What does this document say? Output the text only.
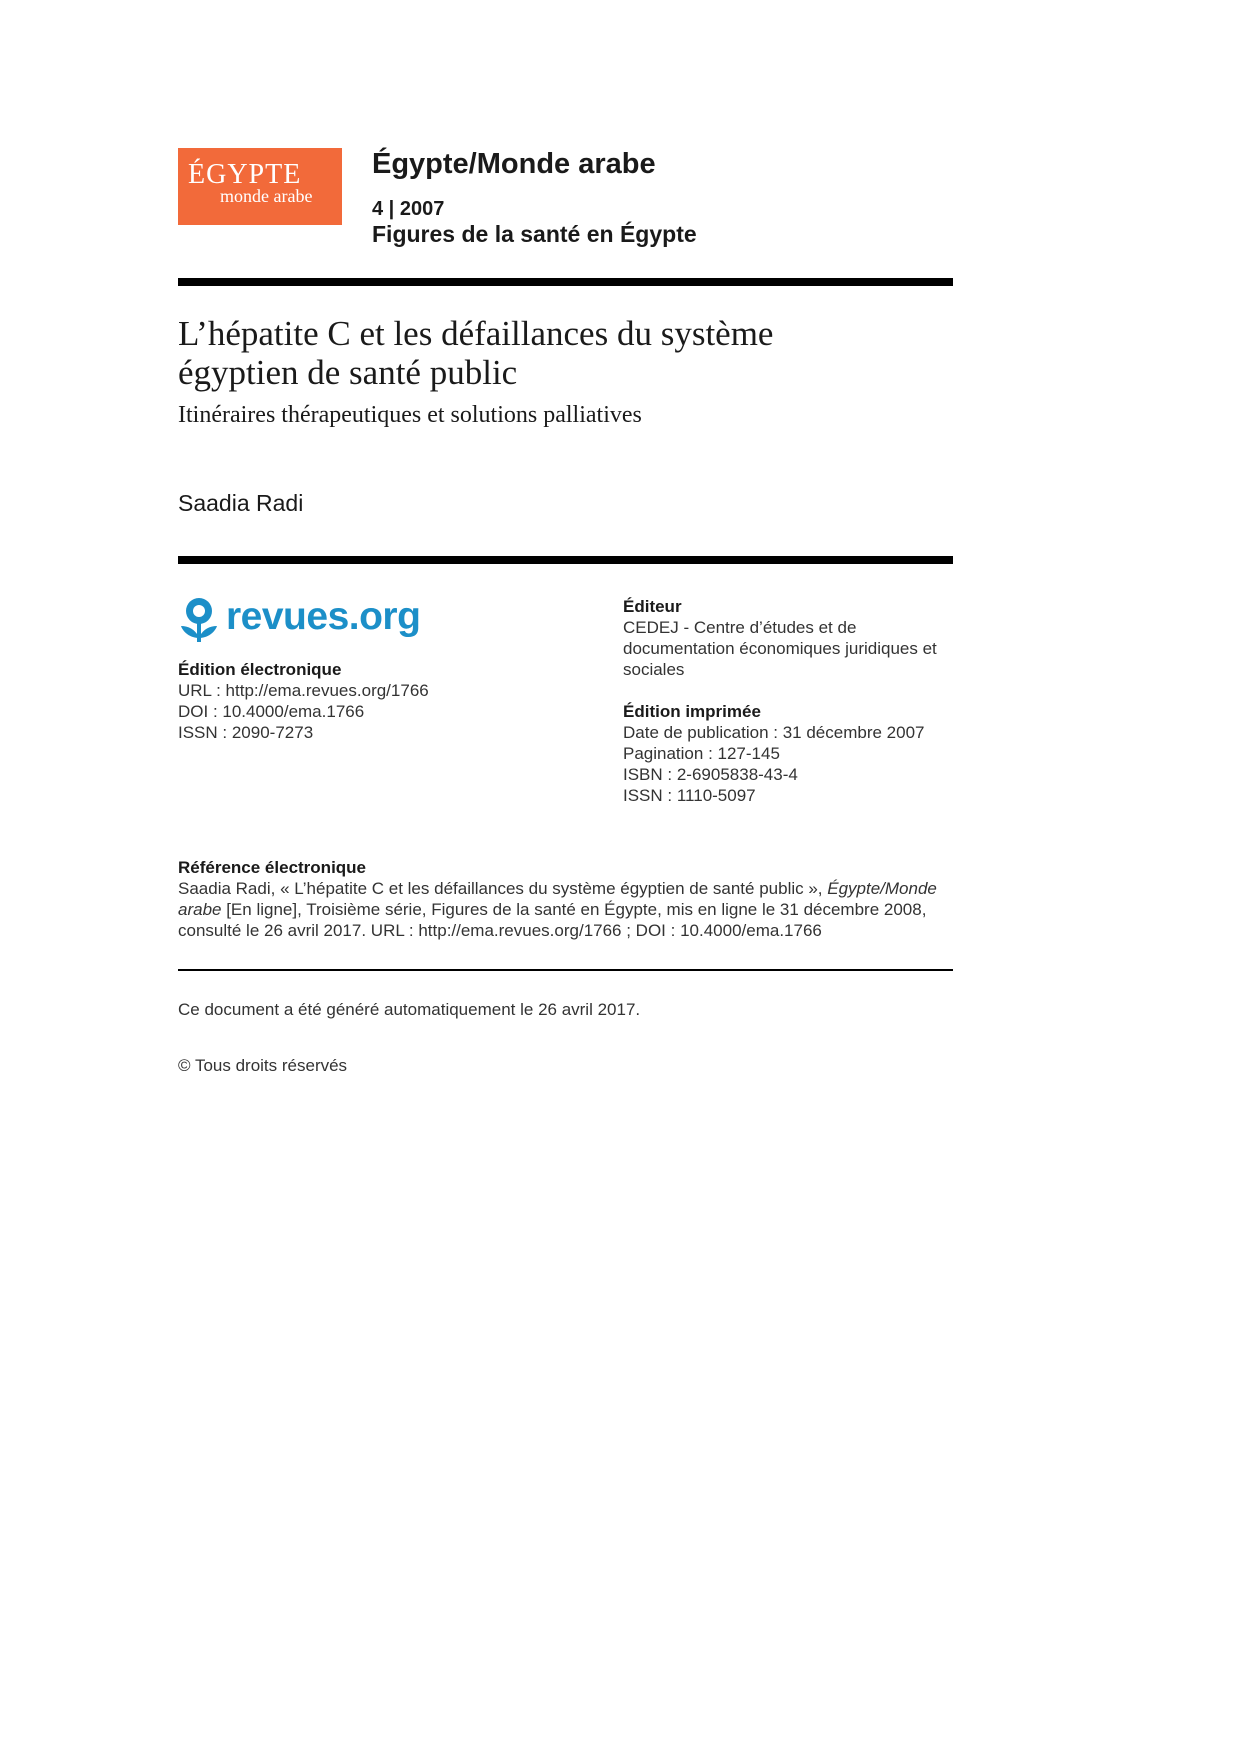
ÉGYPTE
monde arabe
Égypte/Monde arabe
4 | 2007
Figures de la santé en Égypte
L’hépatite C et les défaillances du système
égyptien de santé public
Itinéraires thérapeutiques et solutions palliatives
Saadia Radi
revues.org
Édition électronique
URL : http://ema.revues.org/1766
DOI : 10.4000/ema.1766
ISSN : 2090-7273
Éditeur
CEDEJ - Centre d’études et de
documentation économiques juridiques et
sociales
Édition imprimée
Date de publication : 31 décembre 2007
Pagination : 127-145
ISBN : 2-6905838-43-4
ISSN : 1110-5097
Référence électronique
Saadia Radi, « L’hépatite C et les défaillances du système égyptien de santé public », Égypte/Monde
arabe [En ligne], Troisième série, Figures de la santé en Égypte, mis en ligne le 31 décembre 2008,
consulté le 26 avril 2017. URL : http://ema.revues.org/1766 ; DOI : 10.4000/ema.1766
Ce document a été généré automatiquement le 26 avril 2017.
© Tous droits réservés
